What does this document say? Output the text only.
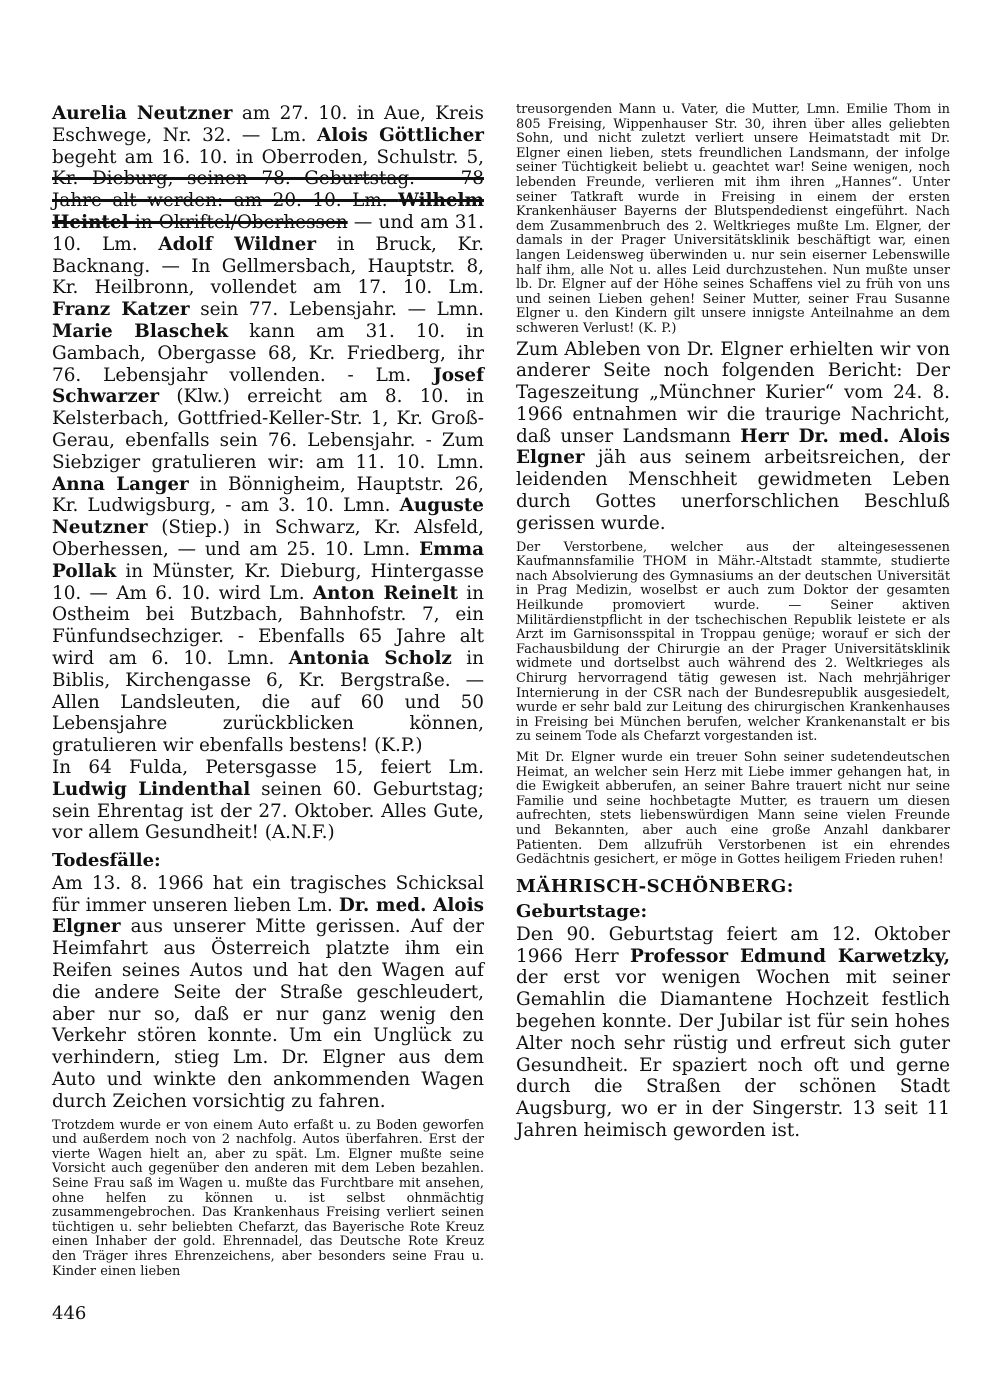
Aurelia Neutzner am 27. 10. in Aue, Kreis Eschwege, Nr. 32. — Lm. Alois Göttlicher begeht am 16. 10. in Oberroden, Schulstr. 5, Kr. Dieburg, seinen 78. Geburtstag. — 78 Jahre alt werden: am 20. 10. Lm. Wilhelm Heintel in Okriftel/Oberhessen — und am 31. 10. Lm. Adolf Wildner in Bruck, Kr. Backnang. — In Gellmersbach, Hauptstr. 8, Kr. Heilbronn, vollendet am 17. 10. Lm. Franz Katzer sein 77. Lebensjahr. — Lmn. Marie Blaschek kann am 31. 10. in Gambach, Obergasse 68, Kr. Friedberg, ihr 76. Lebensjahr vollenden. - Lm. Josef Schwarzer (Klw.) erreicht am 8. 10. in Kelsterbach, Gottfried-Keller-Str. 1, Kr. Groß-Gerau, ebenfalls sein 76. Lebensjahr. - Zum Siebziger gratulieren wir: am 11. 10. Lmn. Anna Langer in Bönnigheim, Hauptstr. 26, Kr. Ludwigsburg, - am 3. 10. Lmn. Auguste Neutzner (Stiep.) in Schwarz, Kr. Alsfeld, Oberhessen, — und am 25. 10. Lmn. Emma Pollak in Münster, Kr. Dieburg, Hintergasse 10. — Am 6. 10. wird Lm. Anton Reinelt in Ostheim bei Butzbach, Bahnhofstr. 7, ein Fünfundsechziger. - Ebenfalls 65 Jahre alt wird am 6. 10. Lmn. Antonia Scholz in Biblis, Kirchengasse 6, Kr. Bergstraße. — Allen Landsleuten, die auf 60 und 50 Lebensjahre zurückblicken können, gratulieren wir ebenfalls bestens! (K.P.)

In 64 Fulda, Petersgasse 15, feiert Lm. Ludwig Lindenthal seinen 60. Geburtstag; sein Ehrentag ist der 27. Oktober. Alles Gute, vor allem Gesundheit! (A.N.F.)

Todesfälle:

Am 13. 8. 1966 hat ein tragisches Schicksal für immer unseren lieben Lm. Dr. med. Alois Elgner aus unserer Mitte gerissen. Auf der Heimfahrt aus Österreich platzte ihm ein Reifen seines Autos und hat den Wagen auf die andere Seite der Straße geschleudert, aber nur so, daß er nur ganz wenig den Verkehr stören konnte. Um ein Unglück zu verhindern, stieg Lm. Dr. Elgner aus dem Auto und winkte den ankommenden Wagen durch Zeichen vorsichtig zu fahren.

Trotzdem wurde er von einem Auto erfaßt u. zu Boden geworfen und außerdem noch von 2 nachfolg. Autos überfahren. Erst der vierte Wagen hielt an, aber zu spät. Lm. Elgner mußte seine Vorsicht auch gegenüber den anderen mit dem Leben bezahlen. Seine Frau saß im Wagen u. mußte das Furchtbare mit ansehen, ohne helfen zu können u. ist selbst ohnmächtig zusammengebrochen. Das Krankenhaus Freising verliert seinen tüchtigen u. sehr beliebten Chefarzt, das Bayerische Rote Kreuz einen Inhaber der gold. Ehrennadel, das Deutsche Rote Kreuz den Träger ihres Ehrenzeichens, aber besonders seine Frau u. Kinder einen lieben

treusorgenden Mann u. Vater, die Mutter, Lmn. Emilie Thom in 805 Freising, Wippenhauser Str. 30, ihren über alles geliebten Sohn, und nicht zuletzt verliert unsere Heimatstadt mit Dr. Elgner einen lieben, stets freundlichen Landsmann, der infolge seiner Tüchtigkeit beliebt u. geachtet war! Seine wenigen, noch lebenden Freunde, verlieren mit ihm ihren „Hannes“. Unter seiner Tatkraft wurde in Freising in einem der ersten Krankenhäuser Bayerns der Blutspendedienst eingeführt. Nach dem Zusammenbruch des 2. Weltkrieges mußte Lm. Elgner, der damals in der Prager Universitätsklinik beschäftigt war, einen langen Leidensweg überwinden u. nur sein eiserner Lebenswille half ihm, alle Not u. alles Leid durchzustehen. Nun mußte unser lb. Dr. Elgner auf der Höhe seines Schaffens viel zu früh von uns und seinen Lieben gehen! Seiner Mutter, seiner Frau Susanne Elgner u. den Kindern gilt unsere innigste Anteilnahme an dem schweren Verlust! (K. P.)

Zum Ableben von Dr. Elgner erhielten wir von anderer Seite noch folgenden Bericht: Der Tageszeitung „Münchner Kurier“ vom 24. 8. 1966 entnahmen wir die traurige Nachricht, daß unser Landsmann Herr Dr. med. Alois Elgner jäh aus seinem arbeitsreichen, der leidenden Menschheit gewidmeten Leben durch Gottes unerforschlichen Beschluß gerissen wurde.

Der Verstorbene, welcher aus der alteingesessenen Kaufmannsfamilie THOM in Mähr.-Altstadt stammte, studierte nach Absolvierung des Gymnasiums an der deutschen Universität in Prag Medizin, woselbst er auch zum Doktor der gesamten Heilkunde promoviert wurde. — Seiner aktiven Militärdienstpflicht in der tschechischen Republik leistete er als Arzt im Garnisonsspital in Troppau genüge; worauf er sich der Fachausbildung der Chirurgie an der Prager Universitätsklinik widmete und dortselbst auch während des 2. Weltkrieges als Chirurg hervorragend tätig gewesen ist. Nach mehrjähriger Internierung in der CSR nach der Bundesrepublik ausgesiedelt, wurde er sehr bald zur Leitung des chirurgischen Krankenhauses in Freising bei München berufen, welcher Krankenanstalt er bis zu seinem Tode als Chefarzt vorgestanden ist.

Mit Dr. Elgner wurde ein treuer Sohn seiner sudetendeutschen Heimat, an welcher sein Herz mit Liebe immer gehangen hat, in die Ewigkeit abberufen, an seiner Bahre trauert nicht nur seine Familie und seine hochbetagte Mutter, es trauern um diesen aufrechten, stets liebenswürdigen Mann seine vielen Freunde und Bekannten, aber auch eine große Anzahl dankbarer Patienten. Dem allzufrüh Verstorbenen ist ein ehrendes Gedächtnis gesichert, er möge in Gottes heiligem Frieden ruhen!

MÄHRISCH-SCHÖNBERG:
Geburtstage:

Den 90. Geburtstag feiert am 12. Oktober 1966 Herr Professor Edmund Karwetzky, der erst vor wenigen Wochen mit seiner Gemahlin die Diamantene Hochzeit festlich begehen konnte. Der Jubilar ist für sein hohes Alter noch sehr rüstig und erfreut sich guter Gesundheit. Er spaziert noch oft und gerne durch die Straßen der schönen Stadt Augsburg, wo er in der Singerstr. 13 seit 11 Jahren heimisch geworden ist.

446
